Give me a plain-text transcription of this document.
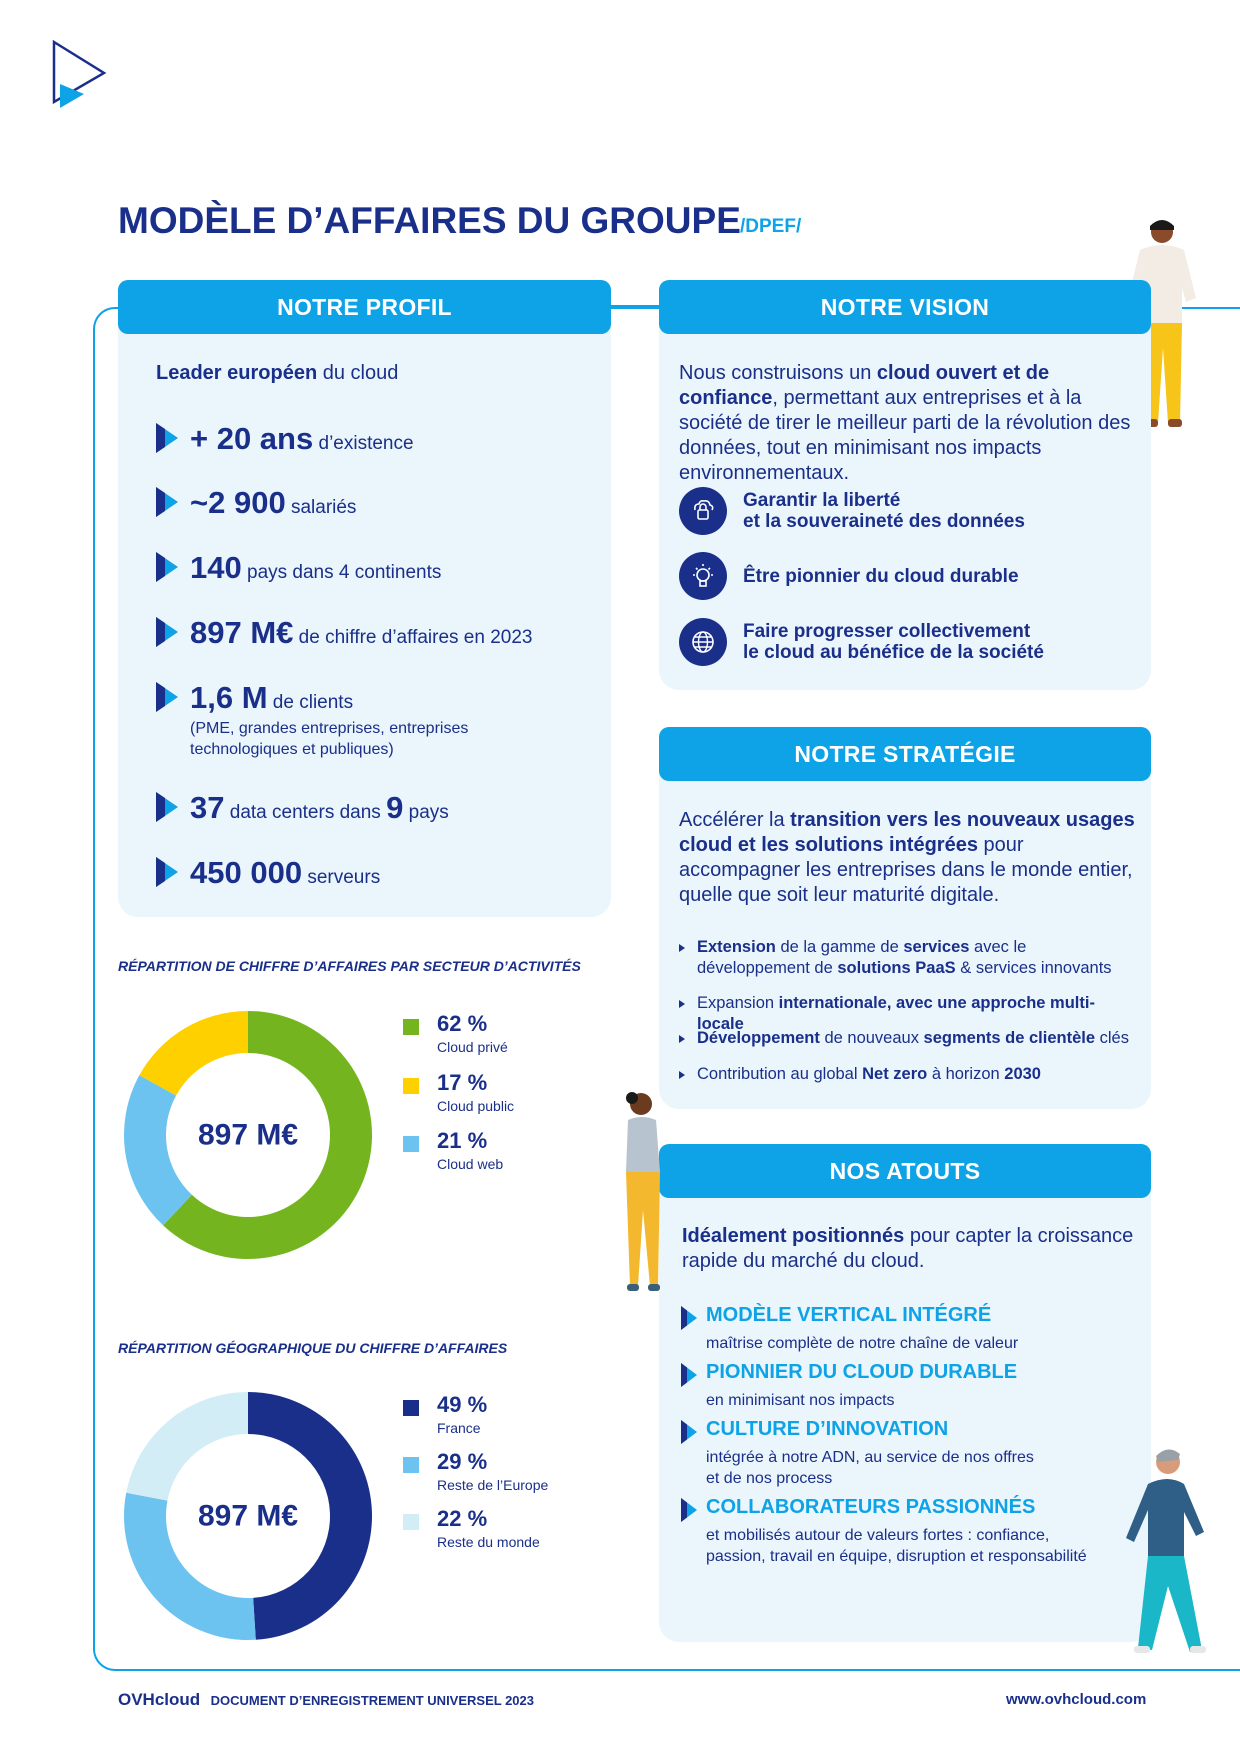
MODÈLE D’AFFAIRES DU GROUPE /DPEF/
NOTRE PROFIL
Leader européen du cloud
+ 20 ans d’existence
~2 900 salariés
140 pays dans 4 continents
897 M€ de chiffre d’affaires en 2023
1,6 M de clients
(PME, grandes entreprises, entreprises technologiques et publiques)
37 data centers dans 9 pays
450 000 serveurs
NOTRE VISION
Nous construisons un cloud ouvert et de confiance, permettant aux entreprises et à la société de tirer le meilleur parti de la révolution des données, tout en minimisant nos impacts environnementaux.
Garantir la liberté
et la souveraineté des données
Être pionnier du cloud durable
Faire progresser collectivement
le cloud au bénéfice de la société
NOTRE STRATÉGIE
Accélérer la transition vers les nouveaux usages cloud et les solutions intégrées pour accompagner les entreprises dans le monde entier, quelle que soit leur maturité digitale.
Extension de la gamme de services avec le développement de solutions PaaS & services innovants
Expansion internationale, avec une approche multi-locale
Développement de nouveaux segments de clientèle clés
Contribution au global Net zero à horizon 2030
NOS ATOUTS
Idéalement positionnés pour capter la croissance rapide du marché du cloud.
MODÈLE VERTICAL INTÉGRÉ
maîtrise complète de notre chaîne de valeur
PIONNIER DU CLOUD DURABLE
en minimisant nos impacts
CULTURE D’INNOVATION
intégrée à notre ADN, au service de nos offres
et de nos process
COLLABORATEURS PASSIONNÉS
et mobilisés autour de valeurs fortes : confiance,
passion, travail en équipe, disruption et responsabilité
RÉPARTITION DE CHIFFRE D’AFFAIRES PAR SECTEUR D’ACTIVITÉS
897 M€
62 %
Cloud privé
17 %
Cloud public
21 %
Cloud web
RÉPARTITION GÉOGRAPHIQUE DU CHIFFRE D’AFFAIRES
897 M€
49 %
France
29 %
Reste de l’Europe
22 %
Reste du monde
OVHcloud DOCUMENT D’ENREGISTREMENT UNIVERSEL 2023	www.ovhcloud.com
